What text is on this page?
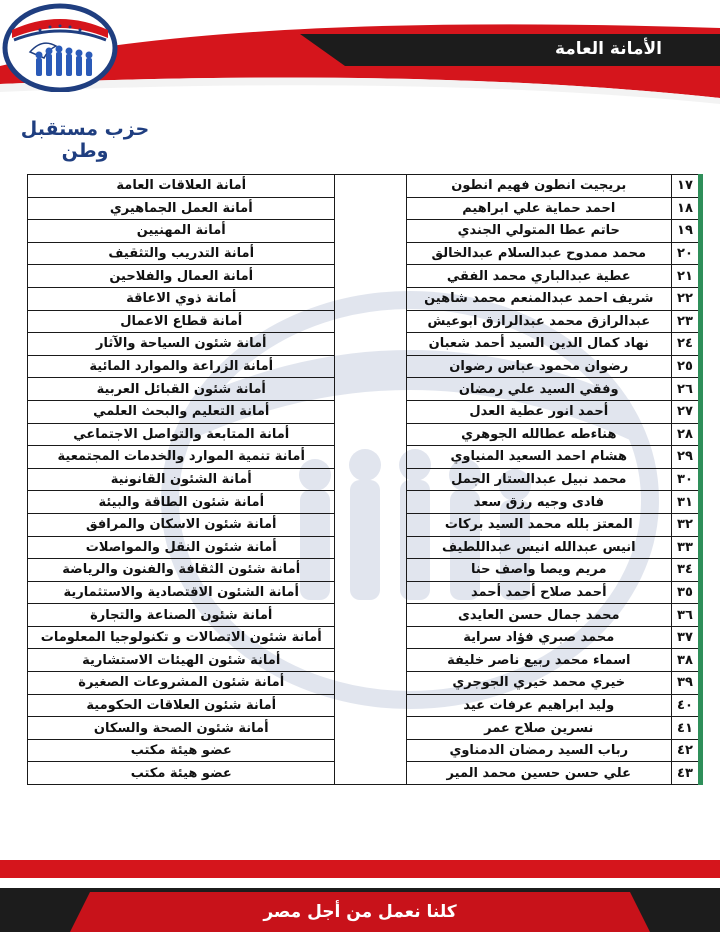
الأمانة العامة
حزب مستقبل وطن
١٧	بريجيت انطون فهيم انطون		أمانة العلاقات العامة
١٨	احمد حماية علي ابراهيم		أمانة العمل الجماهيري
١٩	حاتم عطا المتولي الجندي		أمانة المهنيين
٢٠	محمد ممدوح عبدالسلام عبدالخالق		أمانة التدريب والتثقيف
٢١	عطية عبدالباري محمد الفقي		أمانة العمال والفلاحين
٢٢	شريف احمد عبدالمنعم محمد شاهين		أمانة ذوي الاعاقة
٢٣	عبدالرازق محمد عبدالرازق ابوعيش		أمانة قطاع الاعمال
٢٤	نهاد كمال الدين السيد أحمد شعبان		أمانة شئون السياحة والآثار
٢٥	رضوان محمود عباس رضوان		أمانة الزراعة والموارد المائية
٢٦	وفقي السيد علي رمضان		أمانة شئون القبائل العربية
٢٧	أحمد انور عطية العدل		أمانة التعليم والبحث العلمي
٢٨	هناءطه عطالله الجوهري		أمانة المتابعة والتواصل الاجتماعي
٢٩	هشام احمد السعيد المنياوي		أمانة تنمية الموارد والخدمات المجتمعية
٣٠	محمد نبيل عبدالستار الجمل		أمانة الشئون القانونية
٣١	فادى وجيه رزق سعد		أمانة شئون الطاقة والبيئة
٣٢	المعتز بلله محمد السيد بركات		أمانة شئون الاسكان والمرافق
٣٣	انيس عبدالله انيس عبداللطيف		أمانة شئون النقل والمواصلات
٣٤	مريم ويصا واصف حنا		أمانة شئون الثقافة والفنون والرياضة
٣٥	أحمد صلاح أحمد أحمد		أمانة الشئون الاقتصادية والاستثمارية
٣٦	محمد جمال حسن العايدى		أمانة شئون الصناعة والتجارة
٣٧	محمد صبري فؤاد سراية		أمانة شئون الاتصالات و تكنولوجيا المعلومات
٣٨	اسماء محمد ربيع ناصر خليفة		أمانة شئون الهيئات الاستشارية
٣٩	خيري محمد خيري الجوجري		أمانة شئون المشروعات الصغيرة
٤٠	وليد ابراهيم عرفات عيد		أمانة شئون العلاقات الحكومية
٤١	نسرين صلاح عمر		أمانة شئون الصحة والسكان
٤٢	رباب السيد رمضان الدمناوي		عضو هيئة مكتب
٤٣	علي حسن حسين محمد المير		عضو هيئة مكتب
كلنا نعمل من أجل مصر
